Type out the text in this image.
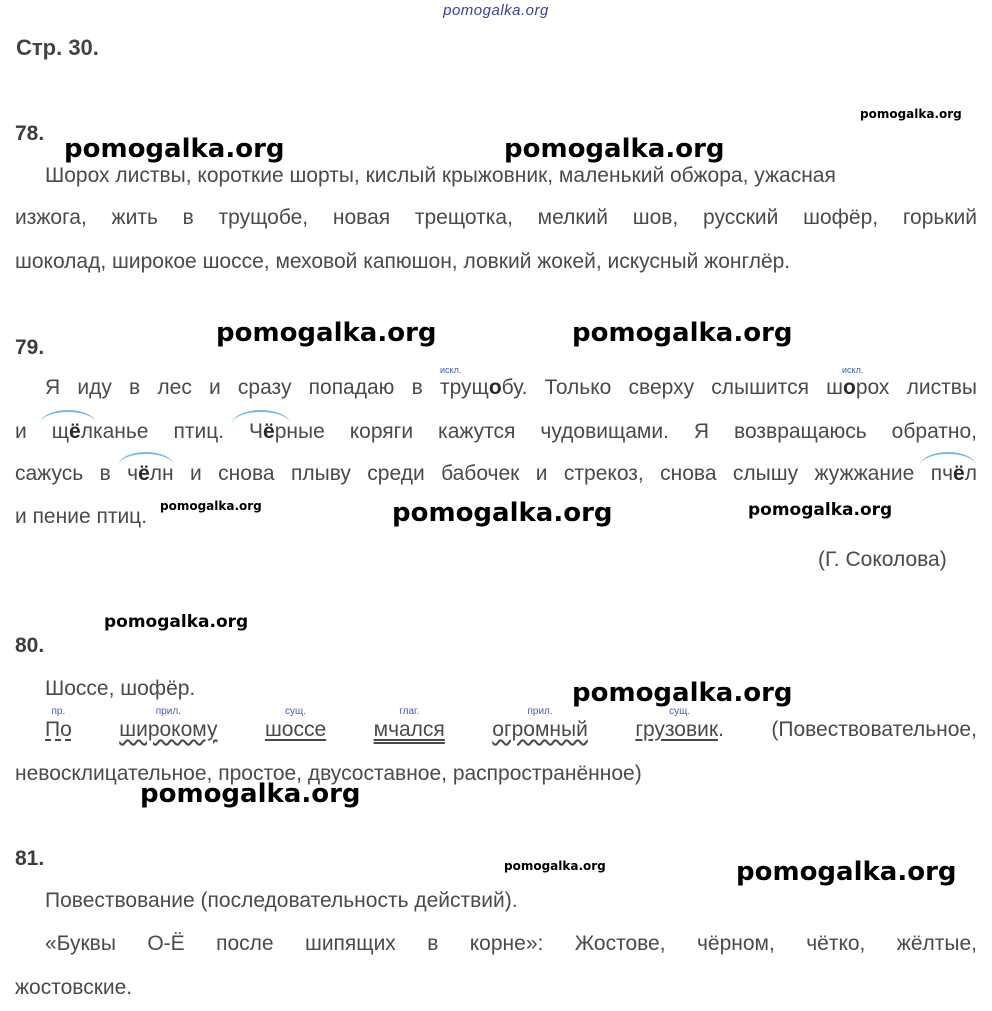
pomogalka.org
Стр. 30.
pomogalka.org
pomogalka.org	pomogalka.org
pomogalka.org	pomogalka.org
pomogalka.org	pomogalka.org	pomogalka.org
pomogalka.org
pomogalka.org
pomogalka.org
pomogalka.org	pomogalka.org
78.
Шорох листвы, короткие шорты, кислый крыжовник, маленький обжора, ужасная
изжога, жить в трущобе, новая трещотка, мелкий шов, русский шофёр, горький
шоколад, широкое шоссе, меховой капюшон, ловкий жокей, искусный жонглёр.
79.
искл.	искл.
Я иду в лес и сразу попадаю в трущобу. Только сверху слышится шорох листвы
и щёлканье птиц. Чёрные коряги кажутся чудовищами. Я возвращаюсь обратно,
сажусь в чёлн и снова плыву среди бабочек и стрекоз, снова слышу жужжание пчёл
и пение птиц.
(Г. Соколова)
80.
Шоссе, шофёр.
пр.
По
прил.
широкому
сущ.
шоссе
глаг.
мчался
прил.
огромный
сущ.
грузовик. (Повествовательное,
невосклицательное, простое, двусоставное, распространённое)
81.
Повествование (последовательность действий).
«Буквы О-Ё после шипящих в корне»: Жостове, чёрном, чётко, жёлтые,
жостовские.
